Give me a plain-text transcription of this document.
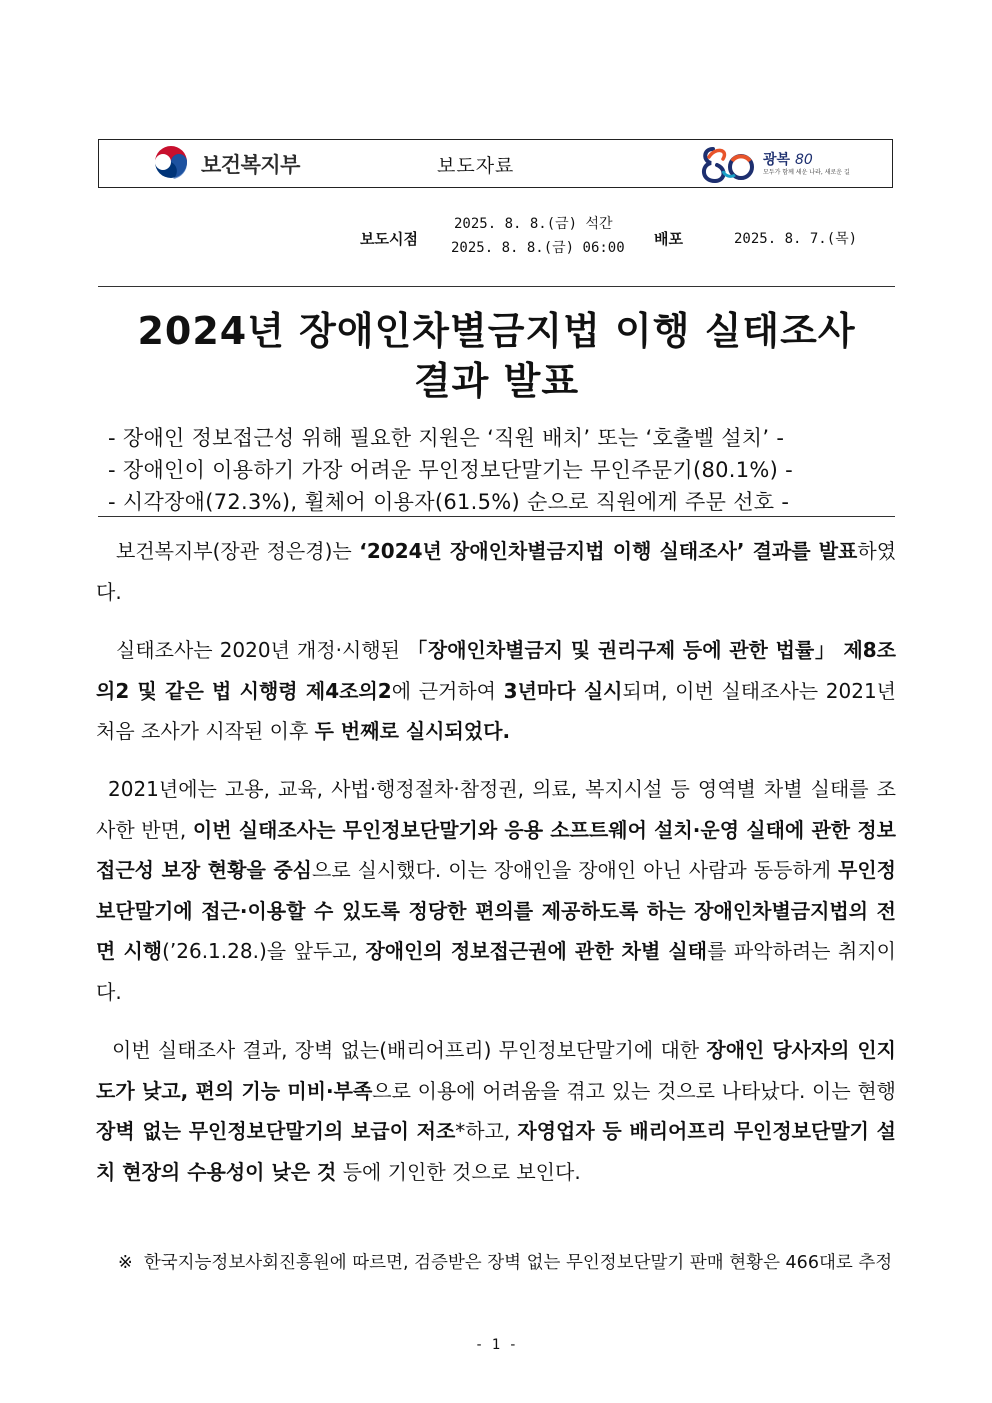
보건복지부	보도자료	광복 80
모두가 함께 세운 나라, 새로운 길
보도시점
2025. 8. 8.(금) 석간
2025. 8. 8.(금) 06:00 배포	2025. 8. 7.(목)
2024년 장애인차별금지법 이행 실태조사
결과 발표
- 장애인 정보접근성 위해 필요한 지원은 ‘직원 배치’ 또는 ‘호출벨 설치’ -
- 장애인이 이용하기 가장 어려운 무인정보단말기는 무인주문기(80.1%) -
- 시각장애(72.3%), 휠체어 이용자(61.5%) 순으로 직원에게 주문 선호 -
보건복지부(장관 정은경)는 ‘2024년 장애인차별금지법 이행 실태조사’ 결과를 발표하였다.
실태조사는 2020년 개정·시행된 「장애인차별금지 및 권리구제 등에 관한 법률」 제8조의2 및 같은 법 시행령 제4조의2에 근거하여 3년마다 실시되며, 이번 실태조사는 2021년 처음 조사가 시작된 이후 두 번째로 실시되었다.
2021년에는 고용, 교육, 사법·행정절차·참정권, 의료, 복지시설 등 영역별 차별 실태를 조사한 반면, 이번 실태조사는 무인정보단말기와 응용 소프트웨어 설치·운영 실태에 관한 정보접근성 보장 현황을 중심으로 실시했다. 이는 장애인을 장애인 아닌 사람과 동등하게 무인정보단말기에 접근·이용할 수 있도록 정당한 편의를 제공하도록 하는 장애인차별금지법의 전면 시행(’26.1.28.)을 앞두고, 장애인의 정보접근권에 관한 차별 실태를 파악하려는 취지이다.
이번 실태조사 결과, 장벽 없는(배리어프리) 무인정보단말기에 대한 장애인 당사자의 인지도가 낮고, 편의 기능 미비·부족으로 이용에 어려움을 겪고 있는 것으로 나타났다. 이는 현행 장벽 없는 무인정보단말기의 보급이 저조*하고, 자영업자 등 배리어프리 무인정보단말기 설치 현장의 수용성이 낮은 것 등에 기인한 것으로 보인다.
※ 한국지능정보사회진흥원에 따르면, 검증받은 장벽 없는 무인정보단말기 판매 현황은 466대로 추정
- 1 -
